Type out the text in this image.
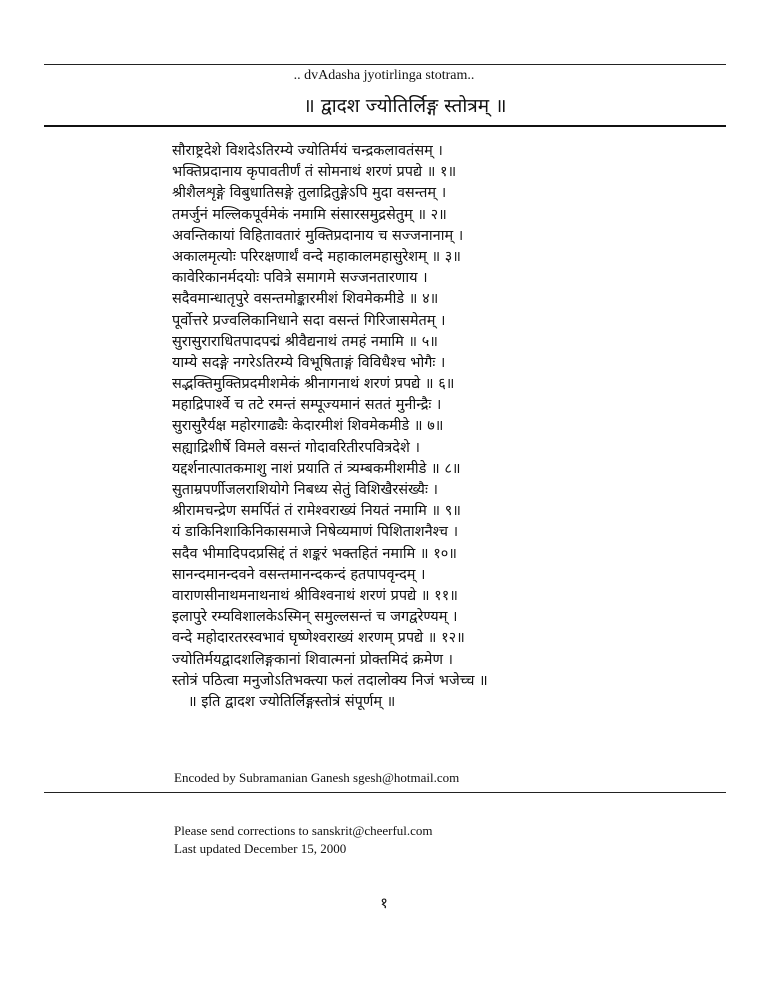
.. dvAdasha jyotirlinga stotram..
॥ द्वादश ज्योतिर्लिङ्ग स्तोत्रम् ॥
सौराष्ट्रदेशे विशदेऽतिरम्ये ज्योतिर्मयं चन्द्रकलावतंसम् ।
भक्तिप्रदानाय कृपावतीर्णं तं सोमनाथं शरणं प्रपद्ये ॥ १॥
श्रीशैलशृङ्गे विबुधातिसङ्गे तुलाद्रितुङ्गेऽपि मुदा वसन्तम् ।
तमर्जुनं मल्लिकपूर्वमेकं नमामि संसारसमुद्रसेतुम् ॥ २॥
अवन्तिकायां विहितावतारं मुक्तिप्रदानाय च सज्जनानाम् ।
अकालमृत्योः परिरक्षणार्थं वन्दे महाकालमहासुरेशम् ॥ ३॥
कावेरिकानर्मदयोः पवित्रे समागमे सज्जनतारणाय ।
सदैवमान्धातृपुरे वसन्तमोङ्कारमीशं शिवमेकमीडे ॥ ४॥
पूर्वोत्तरे प्रज्वलिकानिधाने सदा वसन्तं गिरिजासमेतम् ।
सुरासुराराधितपादपद्मं श्रीवैद्यनाथं तमहं नमामि ॥ ५॥
याम्ये सदङ्गे नगरेऽतिरम्ये विभूषिताङ्गं विविधैश्च भोगैः ।
सद्भक्तिमुक्तिप्रदमीशमेकं श्रीनागनाथं शरणं प्रपद्ये ॥ ६॥
महाद्रिपार्श्वे च तटे रमन्तं सम्पूज्यमानं सततं मुनीन्द्रैः ।
सुरासुरैर्यक्ष महोरगाढ्यैः केदारमीशं शिवमेकमीडे ॥ ७॥
सह्याद्रिशीर्षे विमले वसन्तं गोदावरितीरपवित्रदेशे ।
यद्दर्शनात्पातकमाशु नाशं प्रयाति तं त्र्यम्बकमीशमीडे ॥ ८॥
सुताम्रपर्णीजलराशियोगे निबध्य सेतुं विशिखैरसंख्यैः ।
श्रीरामचन्द्रेण समर्पितं तं रामेश्वराख्यं नियतं नमामि ॥ ९॥
यं डाकिनिशाकिनिकासमाजे निषेव्यमाणं पिशिताशनैश्च ।
सदैव भीमादिपदप्रसिद्दं तं शङ्करं भक्तहितं नमामि ॥ १०॥
सानन्दमानन्दवने वसन्तमानन्दकन्दं हतपापवृन्दम् ।
वाराणसीनाथमनाथनाथं श्रीविश्वनाथं शरणं प्रपद्ये ॥ ११॥
इलापुरे रम्यविशालकेऽस्मिन् समुल्लसन्तं च जगद्वरेण्यम् ।
वन्दे महोदारतरस्वभावं घृष्णेश्वराख्यं शरणम् प्रपद्ये ॥ १२॥
ज्योतिर्मयद्वादशलिङ्गकानां शिवात्मनां प्रोक्तमिदं क्रमेण ।
स्तोत्रं पठित्वा मनुजोऽतिभक्त्या फलं तदालोक्य निजं भजेच्च ॥
॥ इति द्वादश ज्योतिर्लिङ्गस्तोत्रं संपूर्णम् ॥
Encoded by Subramanian Ganesh sgesh@hotmail.com
Please send corrections to sanskrit@cheerful.com
Last updated December 15, 2000
१
